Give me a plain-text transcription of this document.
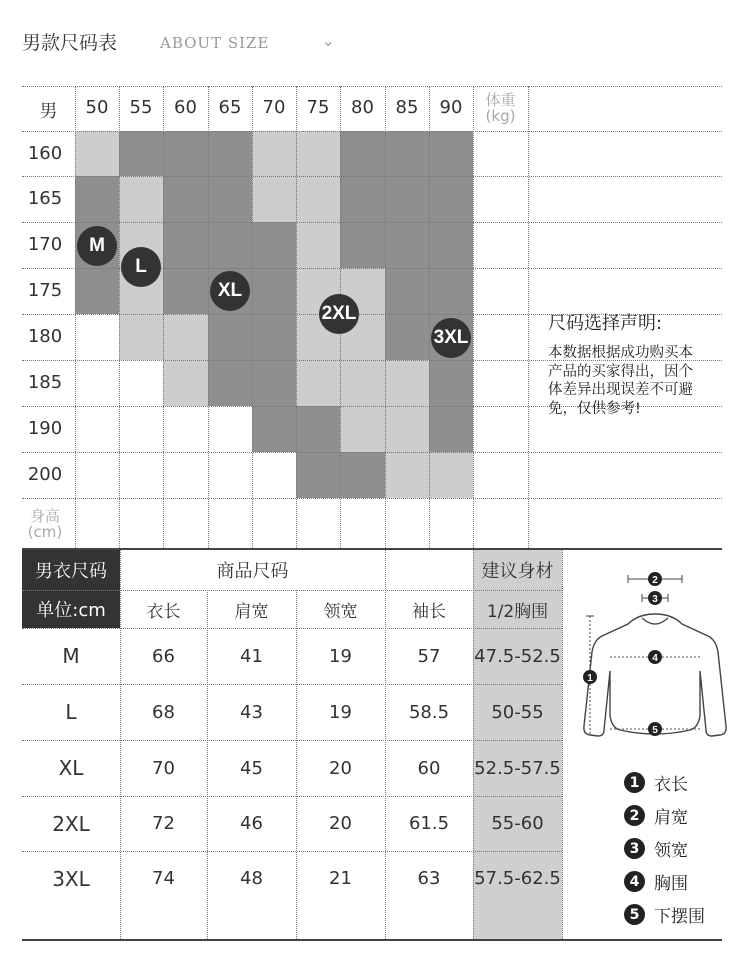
男款尺码表	ABOUT SIZE	⌄
男	50	55	60	65	70	75	80	85	90	体重
(kg)
160
165
170
175
180
185
190
200
身高
(cm)
M
L
XL
2XL
3XL
尺码选择声明:
本数据根据成功购买本产品的买家得出，因个体差异出现误差不可避免，仅供参考!
男衣尺码
单位:cm
商品尺码	建议身材
衣长	肩宽	领宽	袖长	1/2胸围
M	66	41	19	57	47.5-52.5
L	68	43	19	58.5	50-55
XL	70	45	20	60	52.5-57.5
2XL	72	46	20	61.5	55-60
3XL	74	48	21	63	57.5-62.5
2
3
1
4
5
1 衣长
2 肩宽
3 领宽
4 胸围
5 下摆围
